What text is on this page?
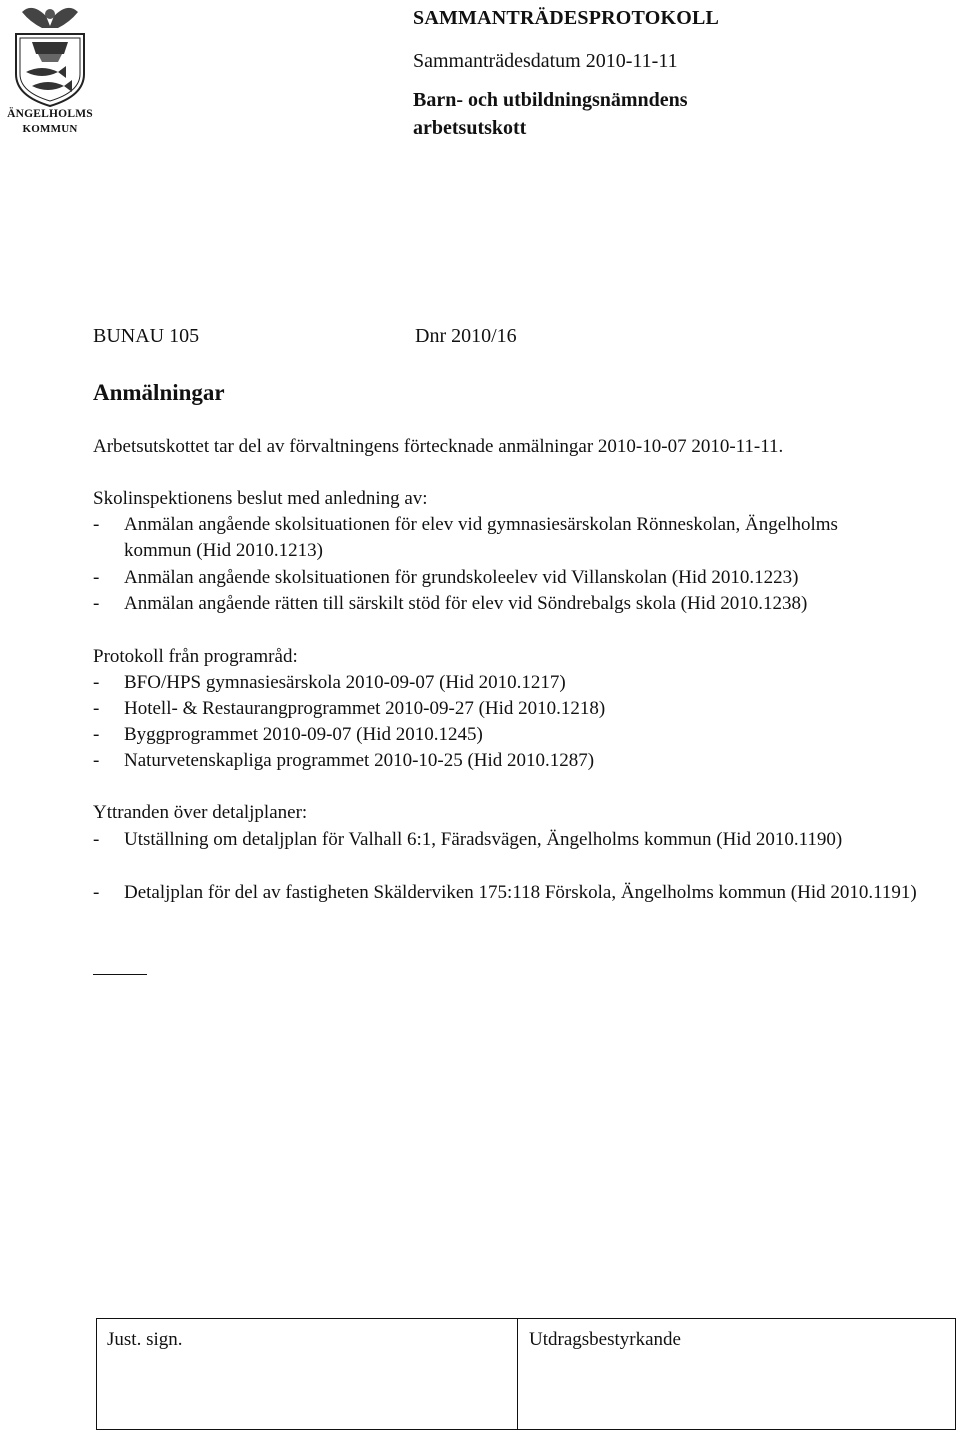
ÄNGELHOLMS
KOMMUN
SAMMANTRÄDESPROTOKOLL
Sammanträdesdatum 2010-11-11
Barn- och utbildningsnämndens
arbetsutskott
BUNAU 105	Dnr 2010/16
Anmälningar
Arbetsutskottet tar del av förvaltningens förtecknade anmälningar 2010-10-07 2010-11-11.
Skolinspektionens beslut med anledning av:
- Anmälan angående skolsituationen för elev vid gymnasiesärskolan Rönneskolan, Ängelholms kommun (Hid 2010.1213)
- Anmälan angående skolsituationen för grundskoleelev vid Villanskolan (Hid 2010.1223)
- Anmälan angående rätten till särskilt stöd för elev vid Söndrebalgs skola (Hid 2010.1238)
Protokoll från programråd:
- BFO/HPS gymnasiesärskola 2010-09-07 (Hid 2010.1217)
- Hotell- & Restaurangprogrammet 2010-09-27 (Hid 2010.1218)
- Byggprogrammet 2010-09-07 (Hid 2010.1245)
- Naturvetenskapliga programmet 2010-10-25 (Hid 2010.1287)
Yttranden över detaljplaner:
- Utställning om detaljplan för Valhall 6:1, Färadsvägen, Ängelholms kommun (Hid 2010.1190)
- Detaljplan för del av fastigheten Skälderviken 175:118 Förskola, Ängelholms kommun (Hid 2010.1191)
Just. sign.	Utdragsbestyrkande
